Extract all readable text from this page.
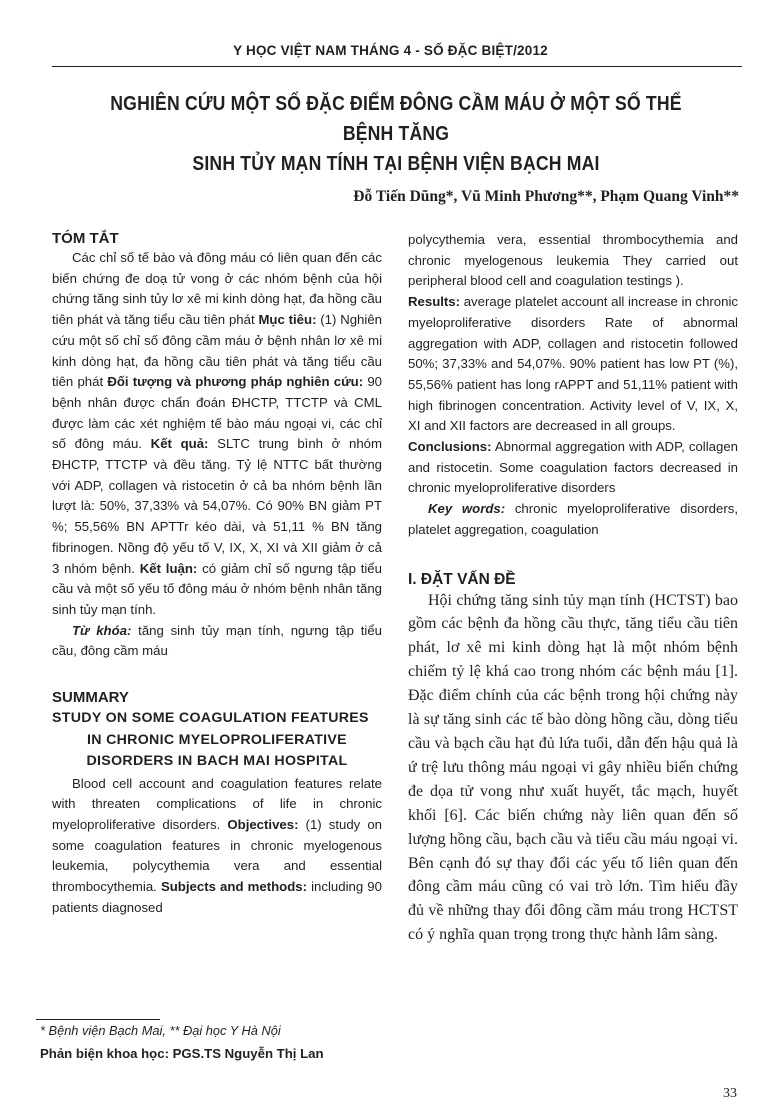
Y HỌC VIỆT NAM THÁNG 4 - SỐ ĐẶC BIỆT/2012
NGHIÊN CỨU MỘT SỐ ĐẶC ĐIỂM ĐÔNG CẦM MÁU Ở MỘT SỐ THỂ BỆNH TĂNG
SINH TỦY MẠN TÍNH TẠI BỆNH VIỆN BẠCH MAI
Đỗ Tiến Dũng*, Vũ Minh Phương**, Phạm Quang Vinh**
TÓM TẮT

Các chỉ số tế bào và đông máu có liên quan đến các biến chứng đe doạ tử vong ở các nhóm bệnh của hội chứng tăng sinh tủy lơ xê mi kinh dòng hạt, đa hồng cầu tiên phát và tăng tiểu cầu tiên phát Mục tiêu: (1) Nghiên cứu một số chỉ số đông cầm máu ở bệnh nhân lơ xê mi kinh dòng hạt, đa hồng cầu tiên phát và tăng tiểu cầu tiên phát Đối tượng và phương pháp nghiên cứu: 90 bệnh nhân được chẩn đoán ĐHCTP, TTCTP và CML được làm các xét nghiệm tế bào máu ngoại vi, các chỉ số đông máu. Kết quả: SLTC trung bình ở nhóm ĐHCTP, TTCTP và đều tăng. Tỷ lệ NTTC bất thường với ADP, collagen và ristocetin ở cả ba nhóm bệnh lần lượt là: 50%, 37,33% và 54,07%. Có 90% BN giảm PT %; 55,56% BN APTTr kéo dài, và 51,11 % BN tăng fibrinogen. Nồng độ yếu tố V, IX, X, XI và XII giảm ở cả 3 nhóm bệnh. Kết luận: có giảm chỉ số ngưng tập tiểu cầu và một số yếu tố đông máu ở nhóm bệnh nhân tăng sinh tủy mạn tính.

Từ khóa: tăng sinh tủy mạn tính, ngưng tập tiểu cầu, đông cầm máu

SUMMARY
STUDY ON SOME COAGULATION FEATURES
IN CHRONIC MYELOPROLIFERATIVE
DISORDERS IN BACH MAI HOSPITAL

Blood cell account and coagulation features relate with threaten complications of life in chronic myeloproliferative disorders. Objectives: (1) study on some coagulation features in chronic myelogenous leukemia, polycythemia vera and essential thrombocythemia. Subjects and methods: including 90 patients diagnosed

polycythemia vera, essential thrombocythemia and chronic myelogenous leukemia They carried out peripheral blood cell and coagulation testings ).

Results: average platelet account all increase in chronic myeloproliferative disorders Rate of abnormal aggregation with ADP, collagen and ristocetin followed 50%; 37,33% and 54,07%. 90% patient has low PT (%), 55,56% patient has long rAPPT and 51,11% patient with high fibrinogen concentration. Activity level of V, IX, X, XI and XII factors are decreased in all groups.

Conclusions: Abnormal aggregation with ADP, collagen and ristocetin. Some coagulation factors decreased in chronic myeloproliferative disorders

Key words: chronic myeloproliferative disorders, platelet aggregation, coagulation

I. ĐẶT VẤN ĐỀ

Hội chứng tăng sinh tủy mạn tính (HCTST) bao gồm các bệnh đa hồng cầu thực, tăng tiểu cầu tiên phát, lơ xê mi kinh dòng hạt là một nhóm bệnh chiếm tỷ lệ khá cao trong nhóm các bệnh máu [1]. Đặc điểm chính của các bệnh trong hội chứng này là sự tăng sinh các tế bào dòng hồng cầu, dòng tiểu cầu và bạch cầu hạt đủ lứa tuổi, dẫn đến hậu quả là ứ trệ lưu thông máu ngoại vi gây nhiều biến chứng đe dọa tử vong như xuất huyết, tắc mạch, huyết khối [6]. Các biến chứng này liên quan đến số lượng hồng cầu, bạch cầu và tiểu cầu máu ngoại vi. Bên cạnh đó sự thay đổi các yếu tố liên quan đến đông cầm máu cũng có vai trò lớn. Tìm hiểu đầy đủ về những thay đổi đông cầm máu trong HCTST có ý nghĩa quan trọng trong thực hành lâm sàng.

* Bệnh viện Bạch Mai, ** Đại học Y Hà Nội
Phản biện khoa học: PGS.TS Nguyễn Thị Lan
33
